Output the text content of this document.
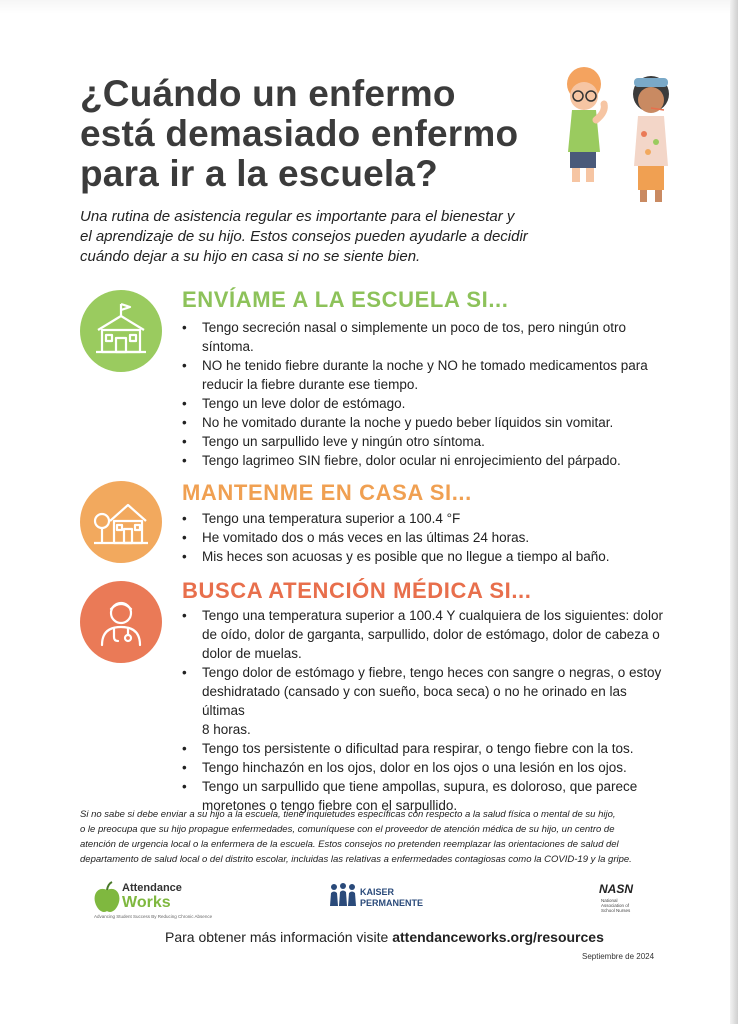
¿Cuándo un enfermo
está demasiado enfermo
para ir a la escuela?

Una rutina de asistencia regular es importante para el bienestar y
el aprendizaje de su hijo. Estos consejos pueden ayudarle a decidir
cuándo dejar a su hijo en casa si no se siente bien.

ENVÍAME A LA ESCUELA SI...
• Tengo secreción nasal o simplemente un poco de tos, pero ningún otro
síntoma.
• NO he tenido fiebre durante la noche y NO he tomado medicamentos para
reducir la fiebre durante ese tiempo.
• Tengo un leve dolor de estómago.
• No he vomitado durante la noche y puedo beber líquidos sin vomitar.
• Tengo un sarpullido leve y ningún otro síntoma.
• Tengo lagrimeo SIN fiebre, dolor ocular ni enrojecimiento del párpado.
MANTENME EN CASA SI...
• Tengo una temperatura superior a 100.4 °F
• He vomitado dos o más veces en las últimas 24 horas.
• Mis heces son acuosas y es posible que no llegue a tiempo al baño.
BUSCA ATENCIÓN MÉDICA SI...
• Tengo una temperatura superior a 100.4 Y cualquiera de los siguientes: dolor
de oído, dolor de garganta, sarpullido, dolor de estómago, dolor de cabeza o
dolor de muelas.
• Tengo dolor de estómago y fiebre, tengo heces con sangre o negras, o estoy
deshidratado (cansado y con sueño, boca seca) o no he orinado en las últimas
8 horas.
• Tengo tos persistente o dificultad para respirar, o tengo fiebre con la tos.
• Tengo hinchazón en los ojos, dolor en los ojos o una lesión en los ojos.
• Tengo un sarpullido que tiene ampollas, supura, es doloroso, que parece
moretones o tengo fiebre con el sarpullido.

Si no sabe si debe enviar a su hijo a la escuela, tiene inquietudes específicas con respecto a la salud física o mental de su hijo,
o le preocupa que su hijo propague enfermedades, comuníquese con el proveedor de atención médica de su hijo, un centro de
atención de urgencia local o la enfermera de la escuela. Estos consejos no pretenden reemplazar las orientaciones de salud del
departamento de salud local o del distrito escolar, incluidas las relativas a enfermedades contagiosas como la COVID-19 y la gripe.

Attendance
Works
Advancing Student Success By Reducing Chronic Absence
KAISER
PERMANENTE
NASN
National Association of School Nurses
Para obtener más información visite attendanceworks.org/resources
Septiembre de 2024
